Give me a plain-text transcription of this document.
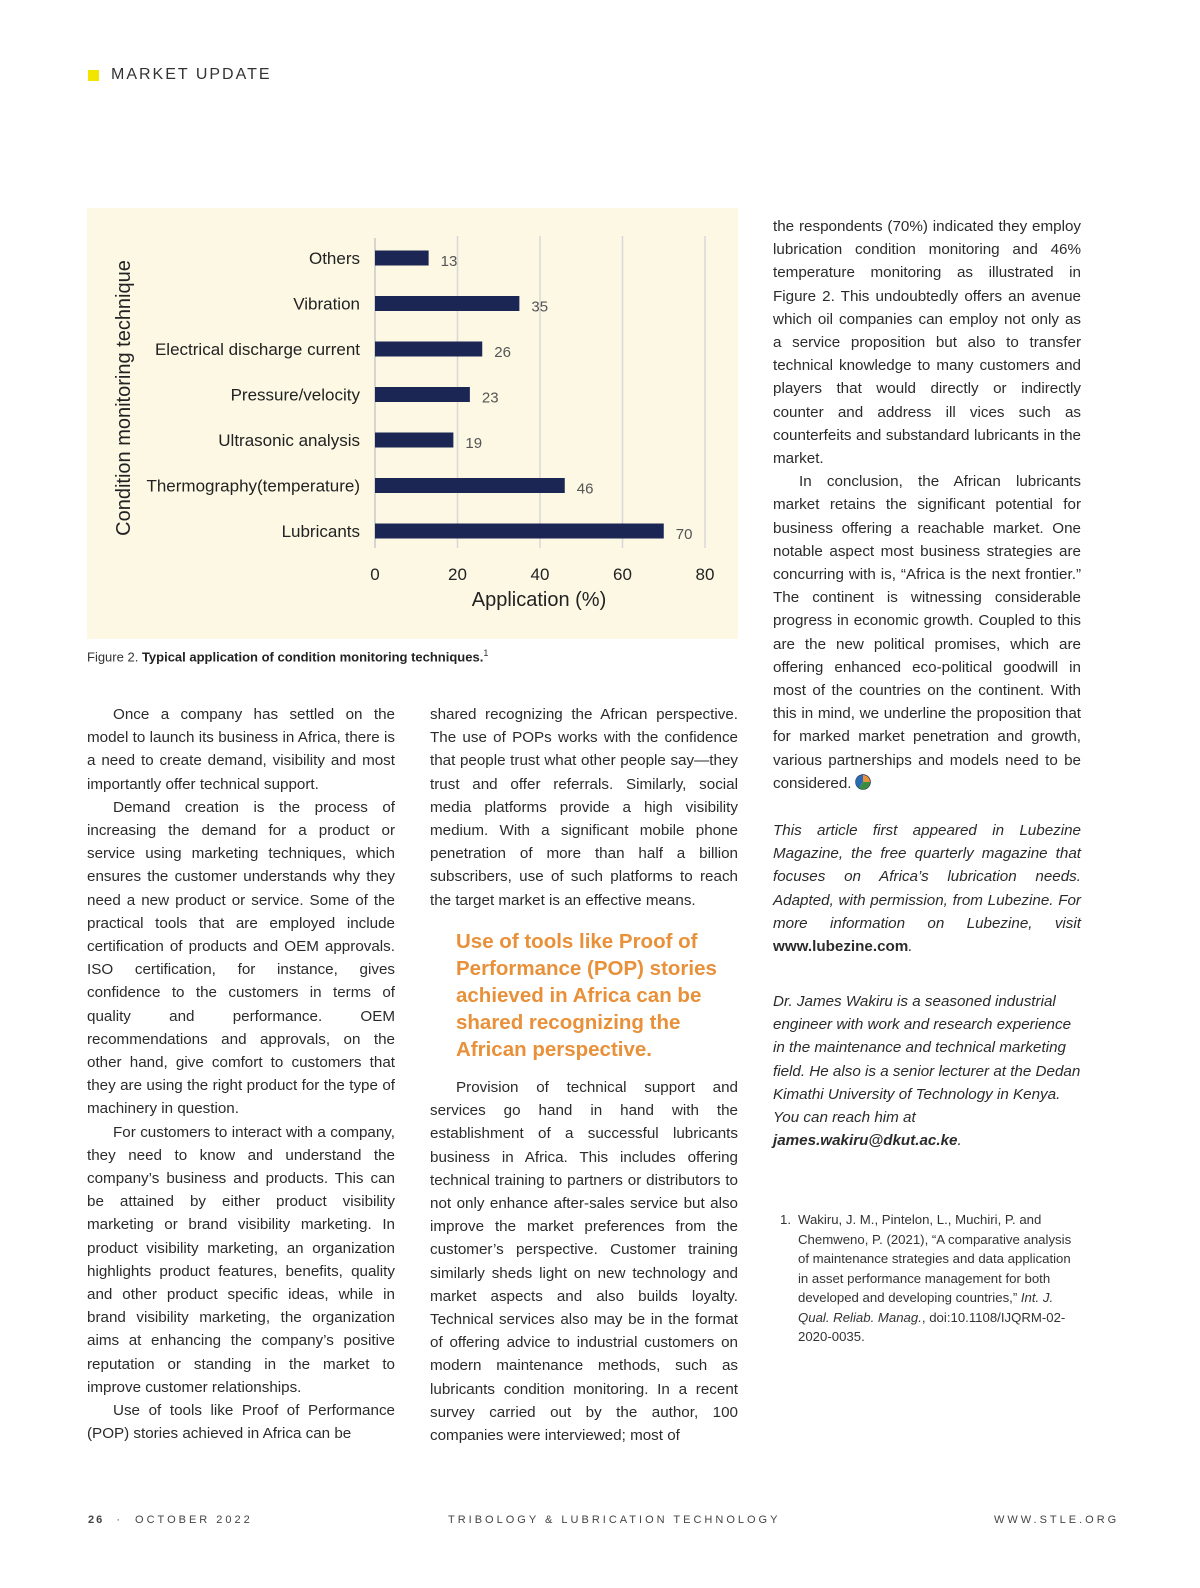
MARKET UPDATE
Others	13
Vibration	35
Electrical discharge current	26
Pressure/velocity	23
Ultrasonic analysis	19
Thermography(temperature)	46
Lubricants	70
0	20	40	60	80
Application (%)
Condition monitoring technique
Figure 2. Typical application of condition monitoring techniques.$^1$

Once a company has settled on the model to launch its business in Africa, there is a need to create demand, visibility and most importantly offer technical support.

Demand creation is the process of increasing the demand for a product or service using marketing techniques, which ensures the customer understands why they need a new product or service. Some of the practical tools that are employed include certification of products and OEM approvals. ISO certification, for instance, gives confidence to the customers in terms of quality and performance. OEM recommendations and approvals, on the other hand, give comfort to customers that they are using the right product for the type of machinery in question.

For customers to interact with a company, they need to know and understand the company’s business and products. This can be attained by either product visibility marketing or brand visibility marketing. In product visibility marketing, an organization highlights product features, benefits, quality and other product specific ideas, while in brand visibility marketing, the organization aims at enhancing the company’s positive reputation or standing in the market to improve customer relationships.

Use of tools like Proof of Performance (POP) stories achieved in Africa can be

shared recognizing the African perspective. The use of POPs works with the confidence that people trust what other people say—they trust and offer referrals. Similarly, social media platforms provide a high visibility medium. With a significant mobile phone penetration of more than half a billion subscribers, use of such platforms to reach the target market is an effective means.

Use of tools like Proof of Performance (POP) stories achieved in Africa can be shared recognizing the African perspective.

Provision of technical support and services go hand in hand with the establishment of a successful lubricants business in Africa. This includes offering technical training to partners or distributors to not only enhance after-sales service but also improve the market preferences from the customer’s perspective. Customer training similarly sheds light on new technology and market aspects and also builds loyalty. Technical services also may be in the format of offering advice to industrial customers on modern maintenance methods, such as lubricants condition monitoring. In a recent survey carried out by the author, 100 companies were interviewed; most of

the respondents (70%) indicated they employ lubrication condition monitoring and 46% temperature monitoring as illustrated in Figure 2. This undoubtedly offers an avenue which oil companies can employ not only as a service proposition but also to transfer technical knowledge to many customers and players that would directly or indirectly counter and address ill vices such as counterfeits and substandard lubricants in the market.

In conclusion, the African lubricants market retains the significant potential for business offering a reachable market. One notable aspect most business strategies are concurring with is, “Africa is the next frontier.” The continent is witnessing considerable progress in economic growth. Coupled to this are the new political promises, which are offering enhanced eco-political goodwill in most of the countries on the continent. With this in mind, we underline the proposition that for marked market penetration and growth, various partnerships and models need to be considered.

This article first appeared in Lubezine Magazine, the free quarterly magazine that focuses on Africa’s lubrication needs. Adapted, with permission, from Lubezine. For more information on Lubezine, visit www.lubezine.com.
Dr. James Wakiru is a seasoned industrial engineer with work and research experience in the maintenance and technical marketing field. He also is a senior lecturer at the Dedan Kimathi University of Technology in Kenya. You can reach him at james.wakiru@dkut.ac.ke.
1. Wakiru, J. M., Pintelon, L., Muchiri, P. and Chemweno, P. (2021), “A comparative analysis of maintenance strategies and data application in asset performance management for both developed and developing countries,” Int. J. Qual. Reliab. Manag., doi:10.1108/IJQRM-02-2020-0035.
26 · OCTOBER 2022	TRIBOLOGY & LUBRICATION TECHNOLOGY	WWW.STLE.ORG
